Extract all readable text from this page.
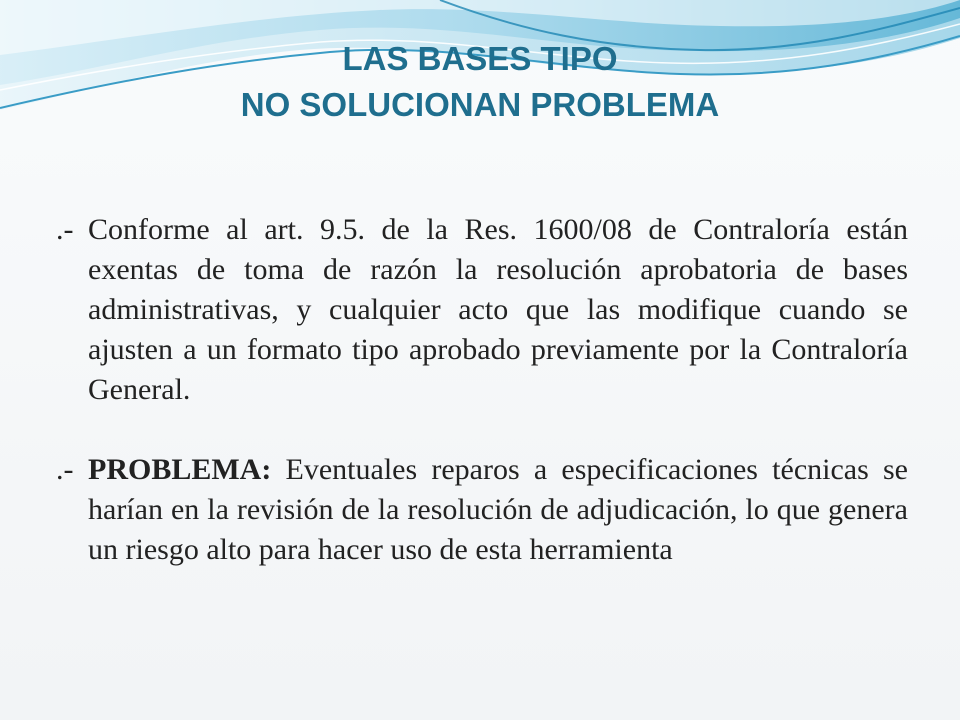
LAS BASES TIPO
NO SOLUCIONAN PROBLEMA
.- Conforme al art. 9.5. de la Res. 1600/08 de Contraloría están exentas de toma de razón la resolución aprobatoria de bases administrativas, y cualquier acto que las modifique cuando se ajusten a un formato tipo aprobado previamente por la Contraloría General.
.- PROBLEMA: Eventuales reparos a especificaciones técnicas se harían en la revisión de la resolución de adjudicación, lo que genera un riesgo alto para hacer uso de esta herramienta
